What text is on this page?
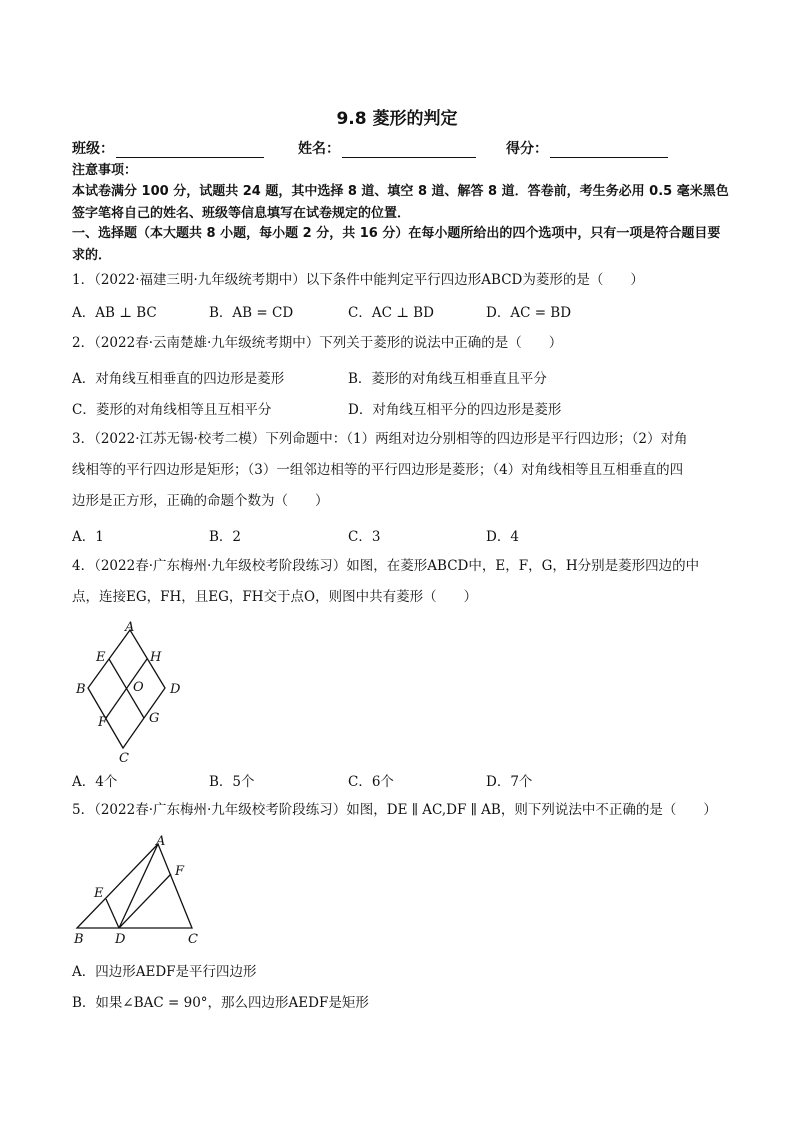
9.8 菱形的判定
班级：	姓名：	得分：
注意事项：
本试卷满分 100 分，试题共 24 题，其中选择 8 道、填空 8 道、解答 8 道．答卷前，考生务必用 0.5 毫米黑色签字笔将自己的姓名、班级等信息填写在试卷规定的位置．
一、选择题（本大题共 8 小题，每小题 2 分，共 16 分）在每小题所给出的四个选项中，只有一项是符合题目要求的．
1．（2022·福建三明·九年级统考期中）以下条件中能判定平行四边形ABCD为菱形的是（　　）
A．AB ⊥ BC	B．AB = CD	C．AC ⊥ BD	D．AC = BD
2．（2022春·云南楚雄·九年级统考期中）下列关于菱形的说法中正确的是（　　）
A．对角线互相垂直的四边形是菱形	B．菱形的对角线互相垂直且平分
C．菱形的对角线相等且互相平分	D．对角线互相平分的四边形是菱形
3．（2022·江苏无锡·校考二模）下列命题中：（1）两组对边分别相等的四边形是平行四边形；（2）对角
线相等的平行四边形是矩形；（3）一组邻边相等的平行四边形是菱形；（4）对角线相等且互相垂直的四
边形是正方形，正确的命题个数为（　　）
A．1	B．2	C．3	D．4
4．（2022春·广东梅州·九年级校考阶段练习）如图，在菱形ABCD中，E，F，G，H分别是菱形四边的中
点，连接EG，FH，且EG，FH交于点O，则图中共有菱形（　　）
A
B
C
D
E
F	G
H
O
A．4个	B．5个	C．6个	D．7个
5．（2022春·广东梅州·九年级校考阶段练习）如图，DE ∥ AC,DF ∥ AB，则下列说法中不正确的是（　　）
A
B	C
D
E
F
A．四边形AEDF是平行四边形
B．如果∠BAC = 90°，那么四边形AEDF是矩形
